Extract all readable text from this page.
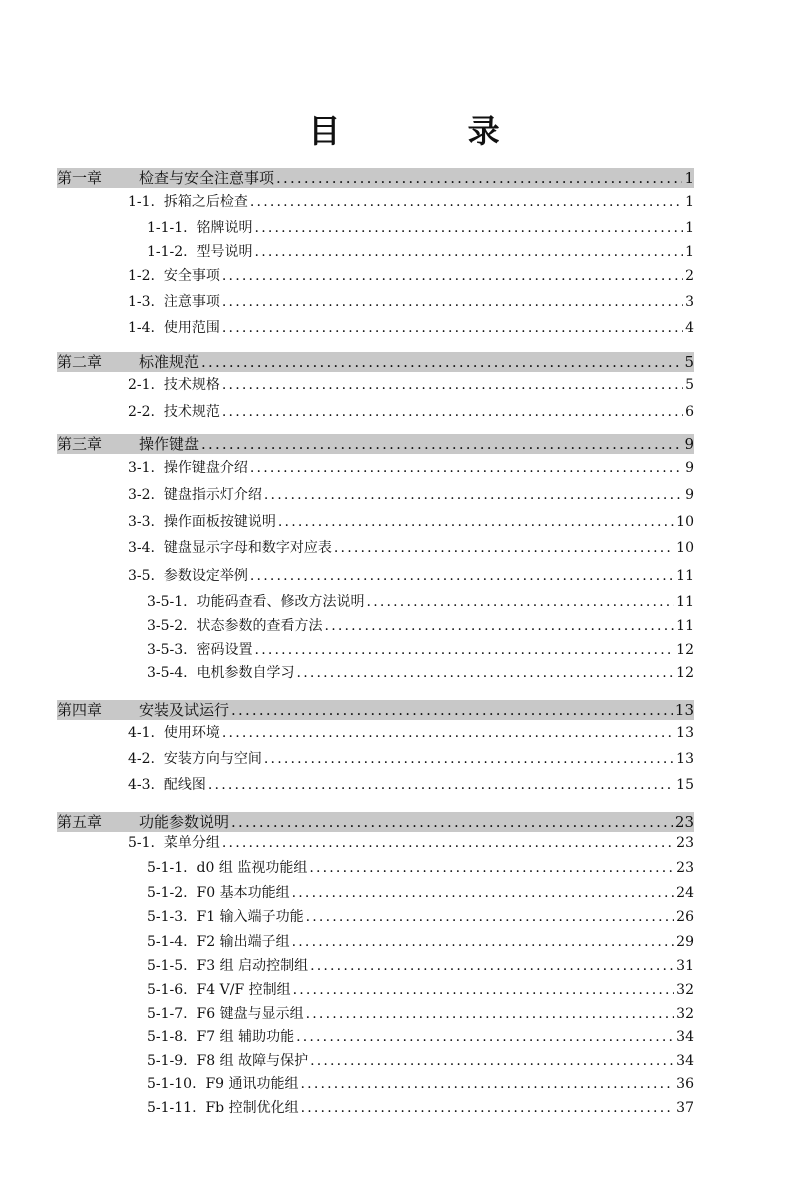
目 录
第一章	检查与安全注意事项 .....	1
1-1. 拆箱之后检查 .....	1
1-1-1. 铭牌说明 .....	1
1-1-2. 型号说明 .....	1
1-2. 安全事项 .....	2
1-3. 注意事项 .....	3
1-4. 使用范围 .....	4
第二章	标准规范 .....	5
2-1. 技术规格 .....	5
2-2. 技术规范 .....	6
第三章	操作键盘 .....	9
3-1. 操作键盘介绍 .....	9
3-2. 键盘指示灯介绍 .....	9
3-3. 操作面板按键说明 .....	10
3-4. 键盘显示字母和数字对应表 .....	10
3-5. 参数设定举例 .....	11
3-5-1. 功能码查看、修改方法说明 .....	11
3-5-2. 状态参数的查看方法 .....	11
3-5-3. 密码设置 .....	12
3-5-4. 电机参数自学习 .....	12
第四章	安装及试运行 .....	13
4-1. 使用环境 .....	13
4-2. 安装方向与空间 .....	13
4-3. 配线图 .....	15
第五章	功能参数说明 .....	23
5-1. 菜单分组 .....	23
5-1-1. d0 组 监视功能组 .....	23
5-1-2. F0 基本功能组 .....	24
5-1-3. F1 输入端子功能 .....	26
5-1-4. F2 输出端子组 .....	29
5-1-5. F3 组 启动控制组 .....	31
5-1-6. F4 V/F 控制组 .....	32
5-1-7. F6 键盘与显示组 .....	32
5-1-8. F7 组 辅助功能 .....	34
5-1-9. F8 组 故障与保护 .....	34
5-1-10. F9 通讯功能组 .....	36
5-1-11. Fb 控制优化组 .....	37
